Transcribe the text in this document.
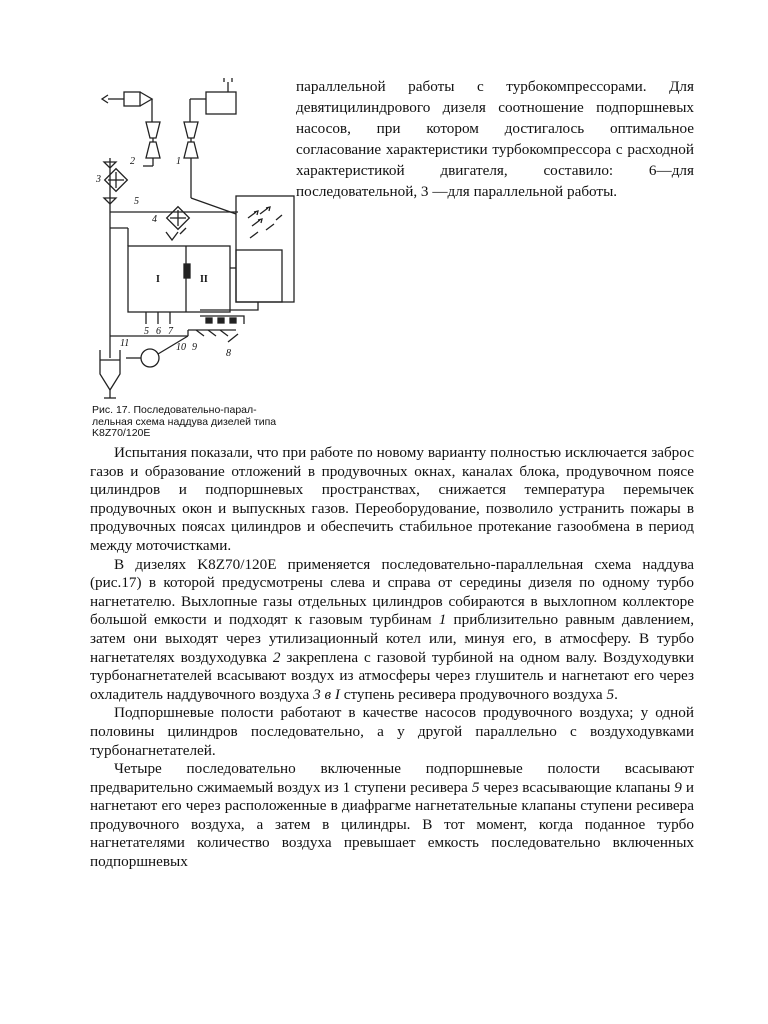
2	1
3
5
4
I	II
5 6 7
10 9
8
11
Рис. 17. Последовательно-парал-
лельная схема наддува дизелей типа
K8Z70/120E
параллельной работы с турбокомпрессорами. Для девятицилиндрового дизеля соотношение подпоршневых насосов, при котором достигалось оптимальное согласование характеристики турбокомпрессора с расходной характеристикой двигателя, составило: 6—для последовательной, 3 —для параллельной работы.

Испытания показали, что при работе по новому варианту полностью исключается заброс газов и образование отложений в продувочных окнах, каналах блока, продувочном поясе цилиндров и подпоршневых пространствах, снижается температура перемычек продувочных окон и выпускных газов. Переоборудование, позволило устранить пожары в продувочных поясах цилиндров и обеспечить стабильное протекание газообмена в период между моточистками.

В дизелях K8Z70/120E применяется последовательно-параллельная схема наддува (рис.17) в которой предусмотрены слева и справа от середины дизеля по одному турбо нагнетателю. Выхлопные газы отдельных цилиндров собираются в выхлопном коллекторе большой емкости и подходят к газовым турбинам 1 приблизительно равным давлением, затем они выходят через утилизационный котел или, минуя его, в атмосферу. В турбо нагнетателях воздуходувка 2 закреплена с газовой турбиной на одном валу. Воздуходувки турбонагнетателей всасывают воздух из атмосферы через глушитель и нагнетают его через охладитель наддувочного воздуха 3 в I ступень ресивера продувочного воздуха 5.

Подпоршневые полости работают в качестве насосов продувочного воздуха; у одной половины цилиндров последовательно, а у другой параллельно с воздуходувками турбонагнетателей.

Четыре последовательно включенные подпоршневые полости всасывают предварительно сжимаемый воздух из 1 ступени ресивера 5 через всасывающие клапаны 9 и нагнетают его через расположенные в диафрагме нагнетательные клапаны ступени ресивера продувочного воздуха, а затем в цилиндры. В тот момент, когда поданное турбо нагнетателями количество воздуха превышает емкость последовательно включенных подпоршневых
